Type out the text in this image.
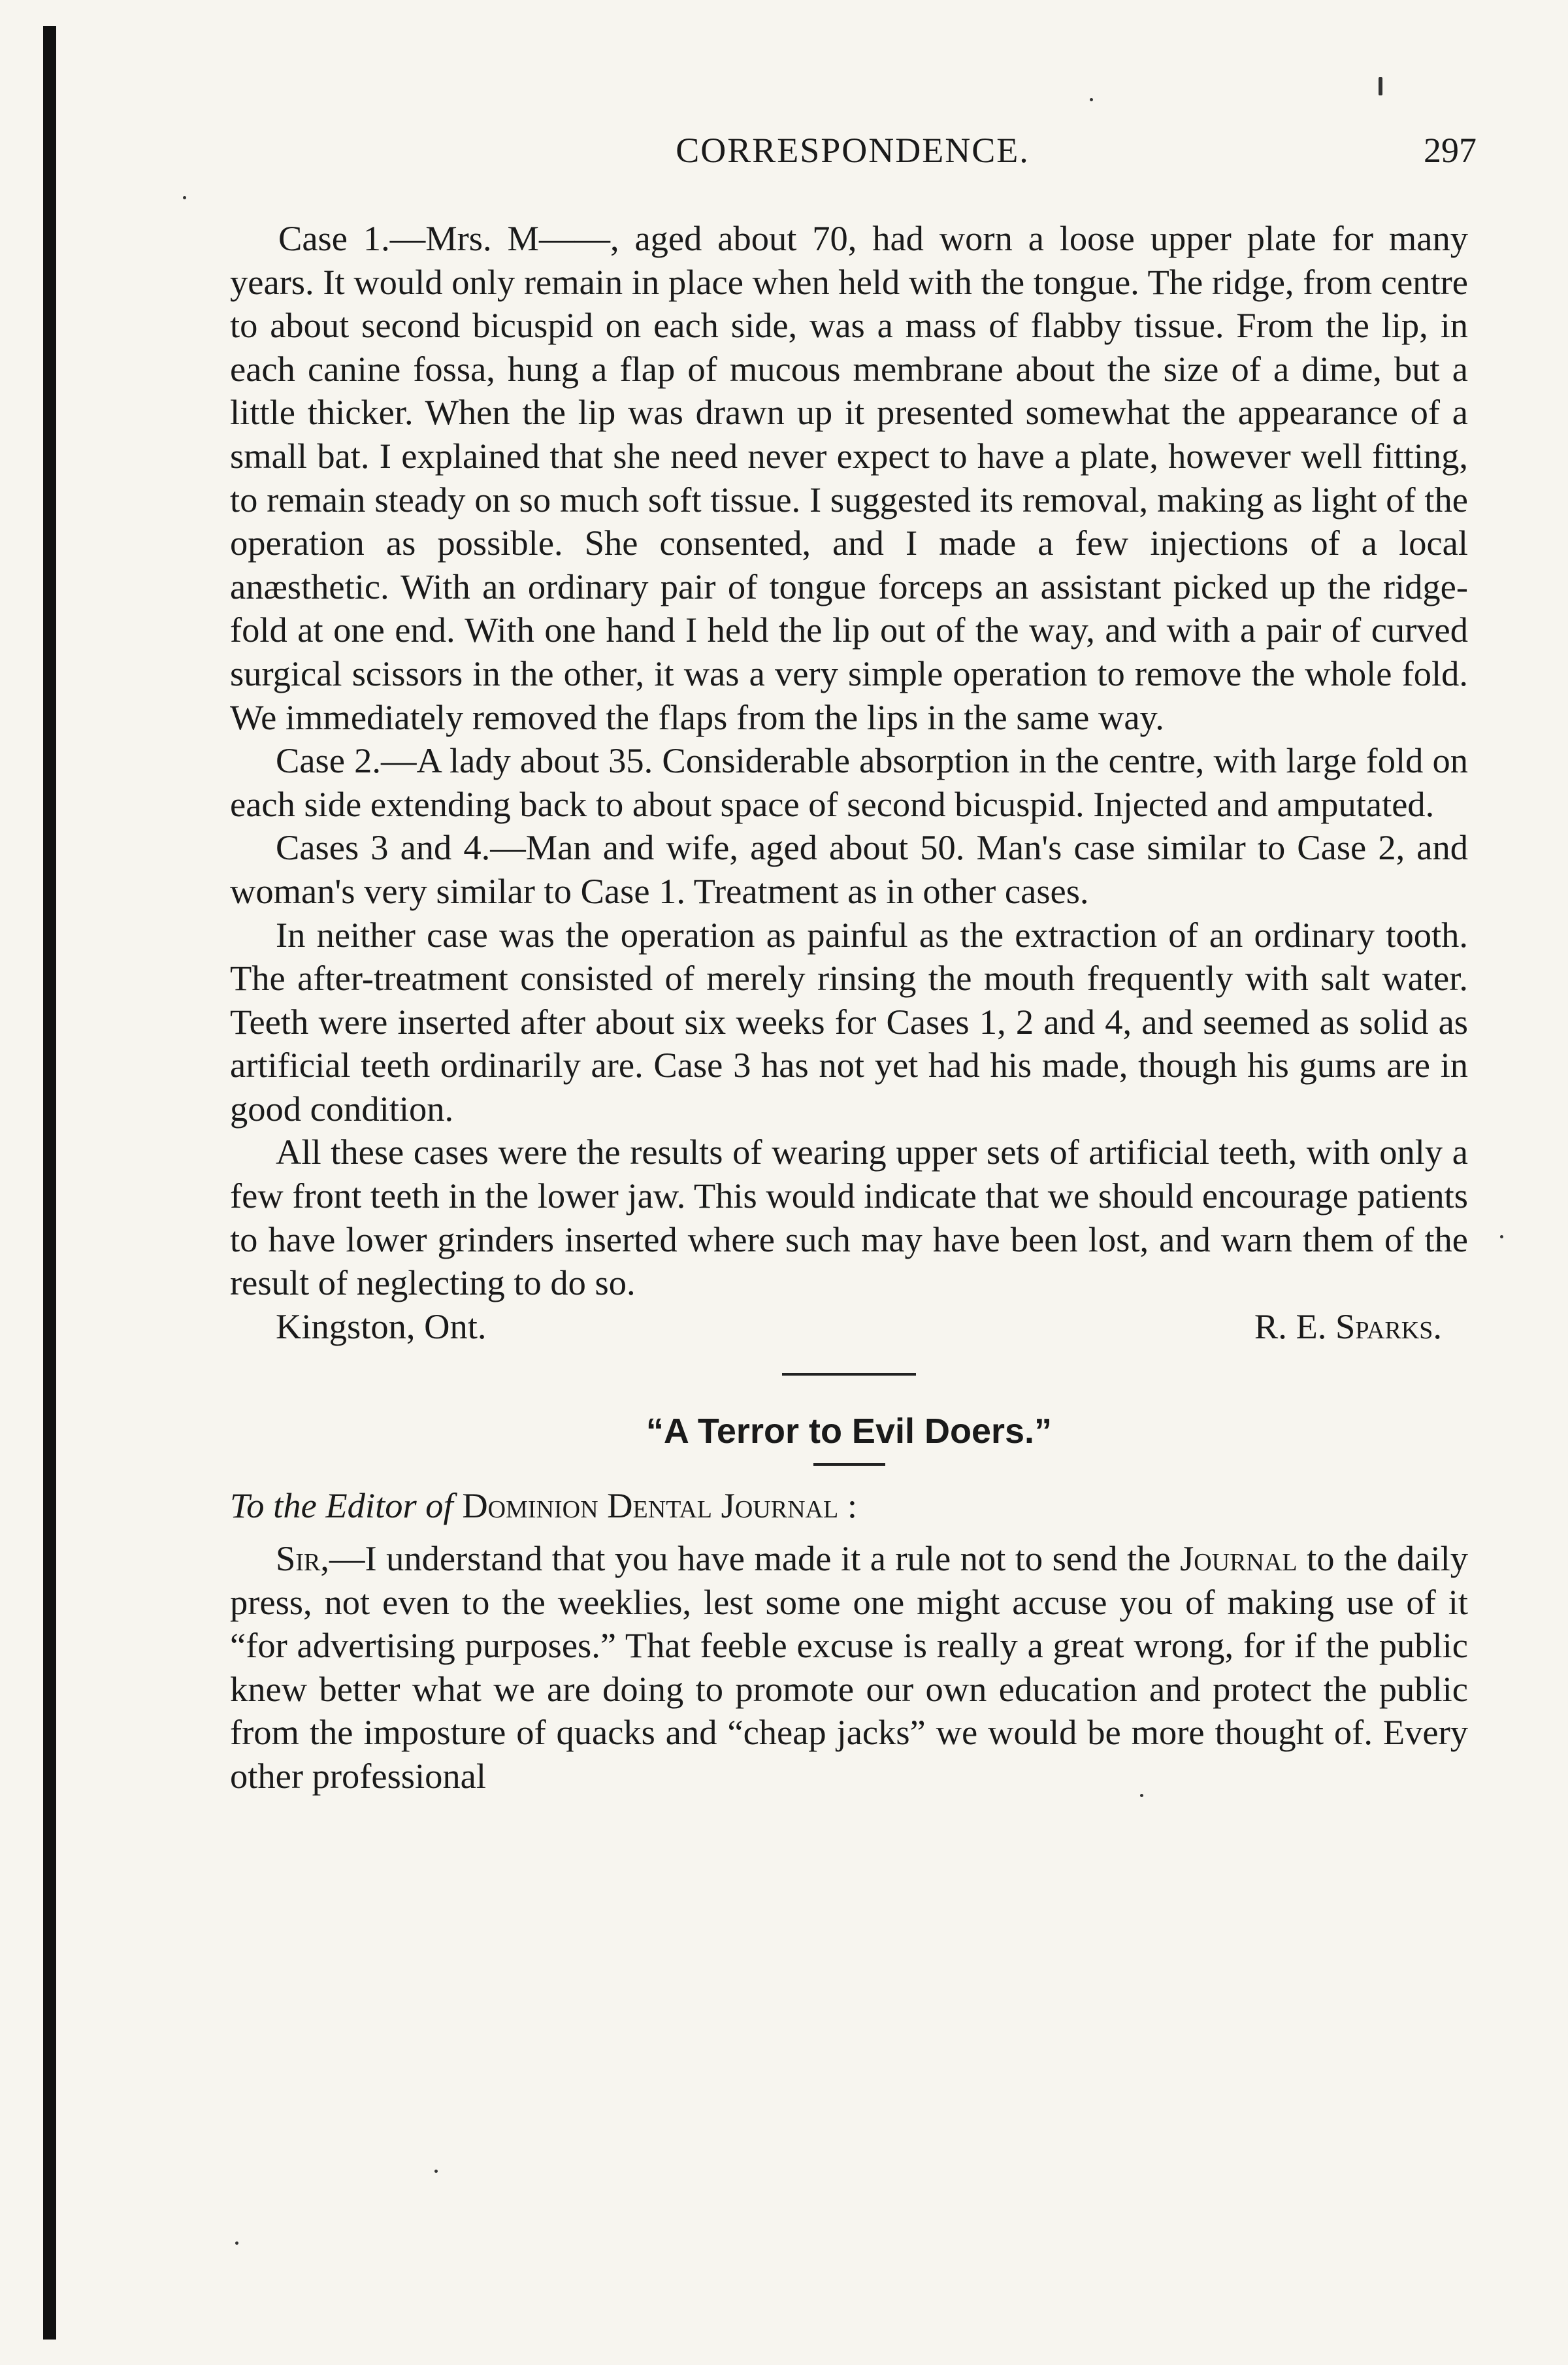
CORRESPONDENCE.	297

Case 1.—Mrs. M——, aged about 70, had worn a loose upper plate for many years. It would only remain in place when held with the tongue. The ridge, from centre to about second bicuspid on each side, was a mass of flabby tissue. From the lip, in each canine fossa, hung a flap of mucous membrane about the size of a dime, but a little thicker. When the lip was drawn up it presented somewhat the appearance of a small bat. I explained that she need never expect to have a plate, however well fitting, to remain steady on so much soft tissue. I suggested its removal, making as light of the operation as possible. She consented, and I made a few injections of a local anæsthetic. With an ordinary pair of tongue forceps an assistant picked up the ridge-fold at one end. With one hand I held the lip out of the way, and with a pair of curved surgical scissors in the other, it was a very simple operation to remove the whole fold. We immediately removed the flaps from the lips in the same way.

Case 2.—A lady about 35. Considerable absorption in the centre, with large fold on each side extending back to about space of second bicuspid. Injected and amputated.

Cases 3 and 4.—Man and wife, aged about 50. Man's case similar to Case 2, and woman's very similar to Case 1. Treatment as in other cases.

In neither case was the operation as painful as the extraction of an ordinary tooth. The after-treatment consisted of merely rinsing the mouth frequently with salt water. Teeth were inserted after about six weeks for Cases 1, 2 and 4, and seemed as solid as artificial teeth ordinarily are. Case 3 has not yet had his made, though his gums are in good condition.

All these cases were the results of wearing upper sets of artificial teeth, with only a few front teeth in the lower jaw. This would indicate that we should encourage patients to have lower grinders inserted where such may have been lost, and warn them of the result of neglecting to do so.

Kingston, Ont.	R. E. Sparks.
“A Terror to Evil Doers.”

To the Editor of Dominion Dental Journal :

Sir,—I understand that you have made it a rule not to send the Journal to the daily press, not even to the weeklies, lest some one might accuse you of making use of it “for advertising purposes.” That feeble excuse is really a great wrong, for if the public knew better what we are doing to promote our own education and protect the public from the imposture of quacks and “cheap jacks” we would be more thought of. Every other professional
